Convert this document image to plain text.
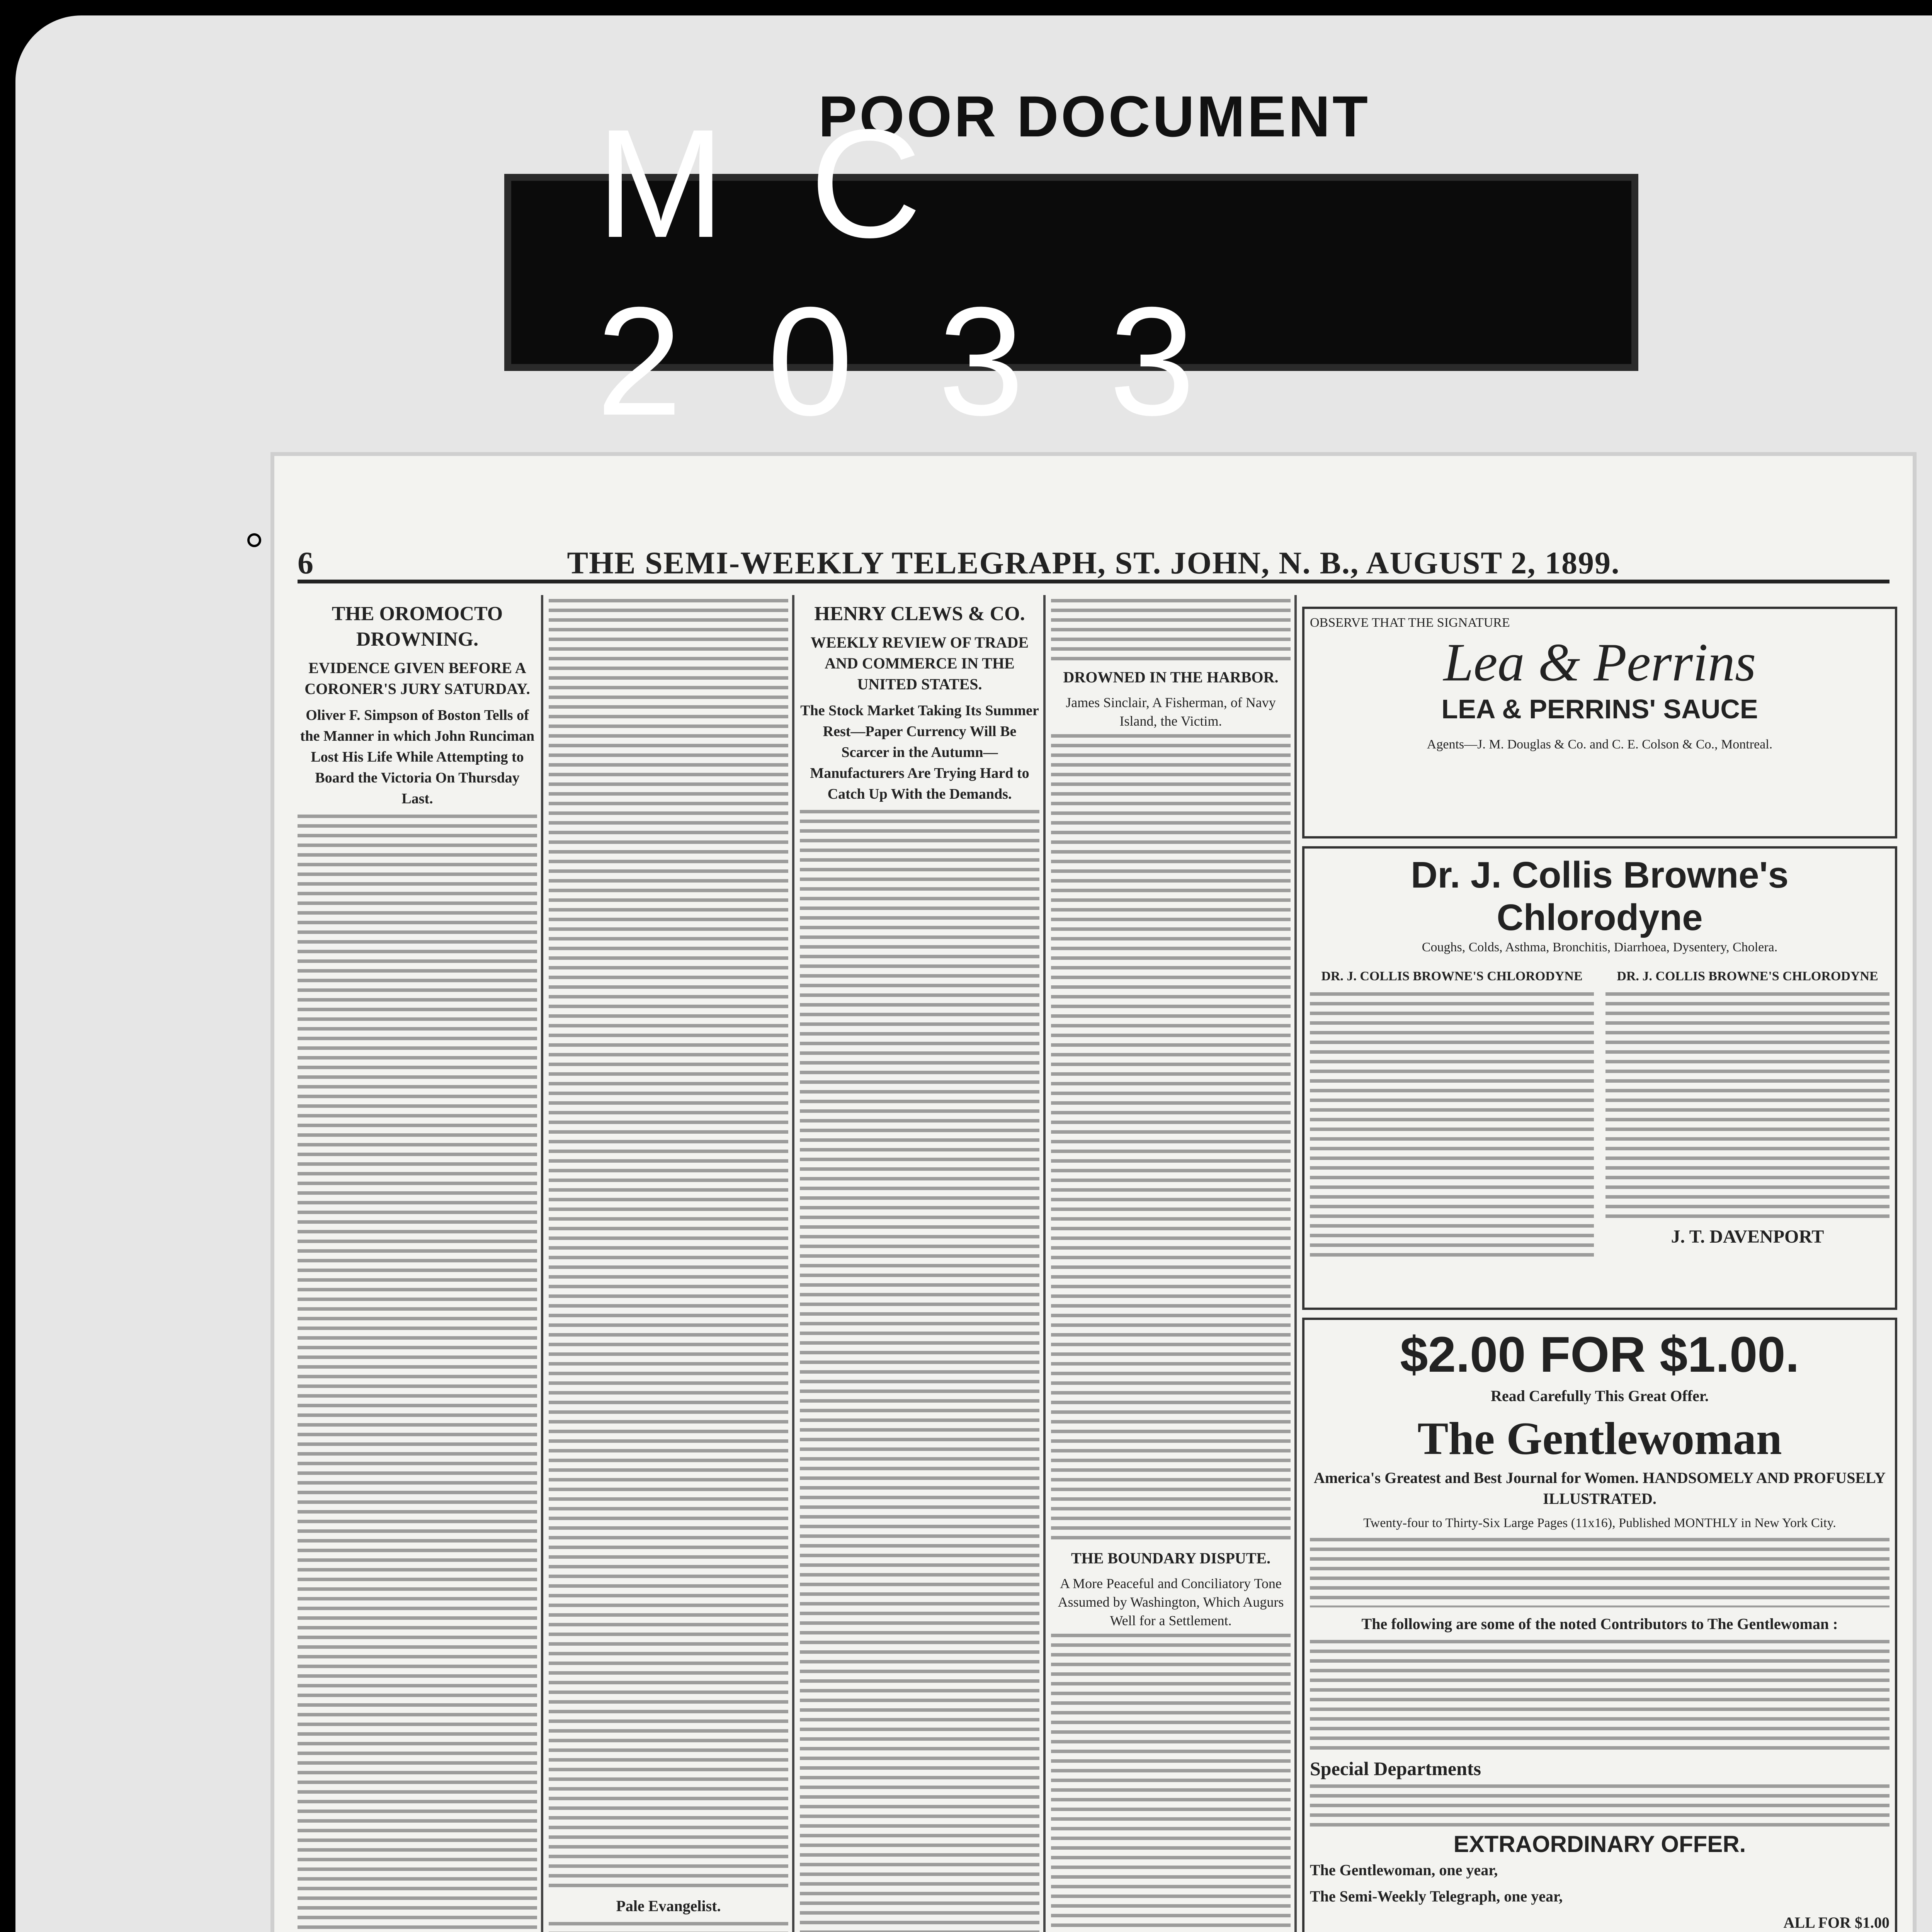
POOR DOCUMENT
MC 2033
6	THE SEMI-WEEKLY TELEGRAPH, ST. JOHN, N. B., AUGUST 2, 1899.
THE OROMOCTO DROWNING.
EVIDENCE GIVEN BEFORE A CORONER'S JURY SATURDAY.
Oliver F. Simpson of Boston Tells of the Manner in which John Runciman Lost His Life While Attempting to Board the Victoria On Thursday Last.
Pale Evangelist.
HENRY CLEWS & CO.
WEEKLY REVIEW OF TRADE AND COMMERCE IN THE UNITED STATES.
The Stock Market Taking Its Summer Rest—Paper Currency Will Be Scarcer in the Autumn—Manufacturers Are Trying Hard to Catch Up With the Demands.
DROWNED IN THE HARBOR.
James Sinclair, A Fisherman, of Navy Island, the Victim.
THE BOUNDARY DISPUTE.
A More Peaceful and Conciliatory Tone Assumed by Washington, Which Augurs Well for a Settlement.
OBSERVE THAT THE SIGNATURE
Lea & Perrins
LEA & PERRINS' SAUCE
Agents—J. M. Douglas & Co. and C. E. Colson & Co., Montreal.
Dr. J. Collis Browne's Chlorodyne
Coughs, Colds, Asthma, Bronchitis, Diarrhoea, Dysentery, Cholera.
DR. J. COLLIS BROWNE'S CHLORODYNE	DR. J. COLLIS BROWNE'S CHLORODYNE
J. T. DAVENPORT
$2.00 FOR $1.00.
Read Carefully This Great Offer.
The Gentlewoman
America's Greatest and Best Journal for Women. HANDSOMELY AND PROFUSELY ILLUSTRATED.
Twenty-four to Thirty-Six Large Pages (11x16), Published MONTHLY in New York City.
The following are some of the noted Contributors to The Gentlewoman :
Special Departments
EXTRAORDINARY OFFER.
The Gentlewoman, one year,
The Semi-Weekly Telegraph, one year,
ALL FOR $1.00
